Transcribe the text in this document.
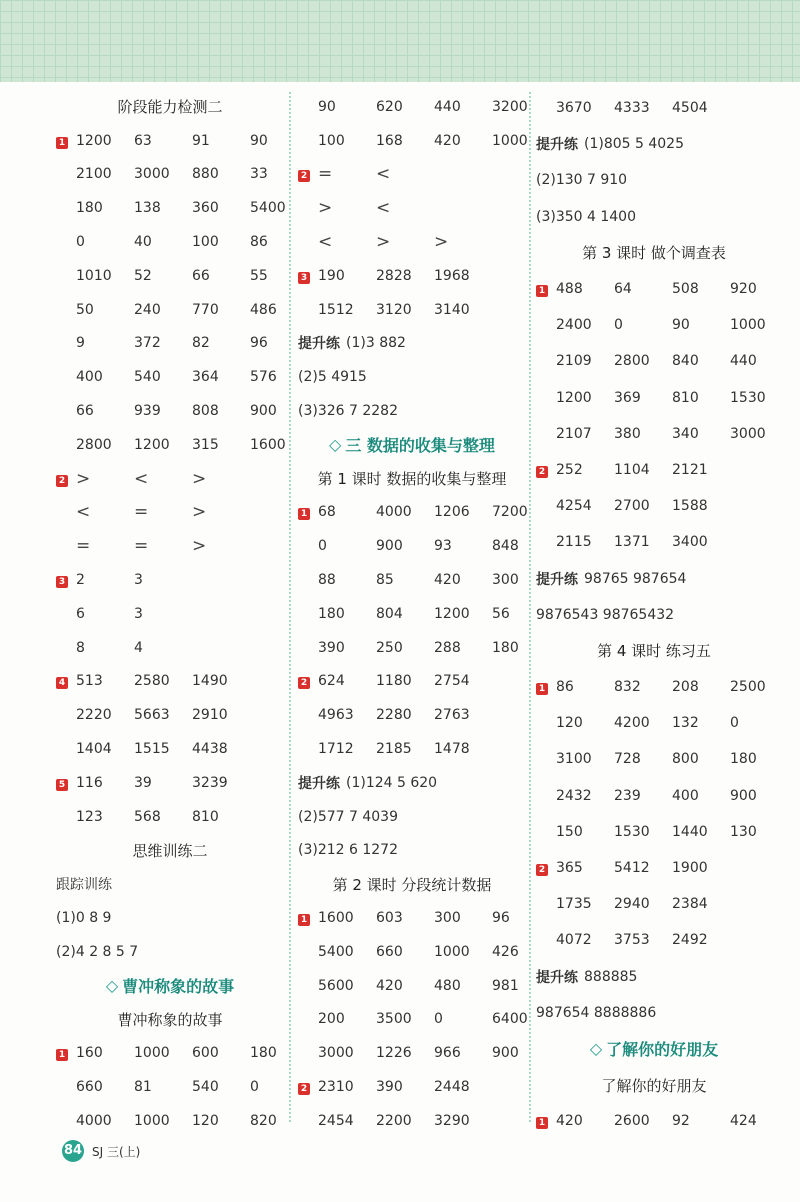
阶段能力检测二
1 1200	63	91	90
2100	3000	880	33
180	138	360	5400
0	40	100	86
1010	52	66	55
50	240	770	486
9	372	82	96
400	540	364	576
66	939	808	900
2800	1200	315	1600
2 >	<	>
<	=	>
=	=	>
3 2	3
6	3
8	4
4 513	2580	1490
2220	5663	2910
1404	1515	4438
5 116	39	3239
123	568	810
思维训练二
跟踪训练
(1)0 8 9
(2)4 2 8 5 7
◇ 曹冲称象的故事
曹冲称象的故事
1 160	1000	600	180
660	81	540	0
4000	1000	120	820
90	620	440	3200
100	168	420	1000
2 =	<
>	<
<	>	>
3 190	2828	1968
1512	3120	3140
提升练 (1)3 882
(2)5 4915
(3)326 7 2282
◇ 三 数据的收集与整理
第 1 课时 数据的收集与整理
1 68	4000	1206	7200
0	900	93	848
88	85	420	300
180	804	1200	56
390	250	288	180
2 624	1180	2754
4963	2280	2763
1712	2185	1478
提升练 (1)124 5 620
(2)577 7 4039
(3)212 6 1272
第 2 课时 分段统计数据
1 1600	603	300	96
5400	660	1000	426
5600	420	480	981
200	3500	0	6400
3000	1226	966	900
2 2310	390	2448
2454	2200	3290
3670	4333	4504
提升练 (1)805 5 4025
(2)130 7 910
(3)350 4 1400
第 3 课时 做个调查表
1 488	64	508	920
2400	0	90	1000
2109	2800	840	440
1200	369	810	1530
2107	380	340	3000
2 252	1104	2121
4254	2700	1588
2115	1371	3400
提升练 98765 987654
9876543 98765432
第 4 课时 练习五
1 86	832	208	2500
120	4200	132	0
3100	728	800	180
2432	239	400	900
150	1530	1440	130
2 365	5412	1900
1735	2940	2384
4072	3753	2492
提升练 888885
987654 8888886
◇ 了解你的好朋友
了解你的好朋友
1 420	2600	92	424
84 SJ 三(上)
